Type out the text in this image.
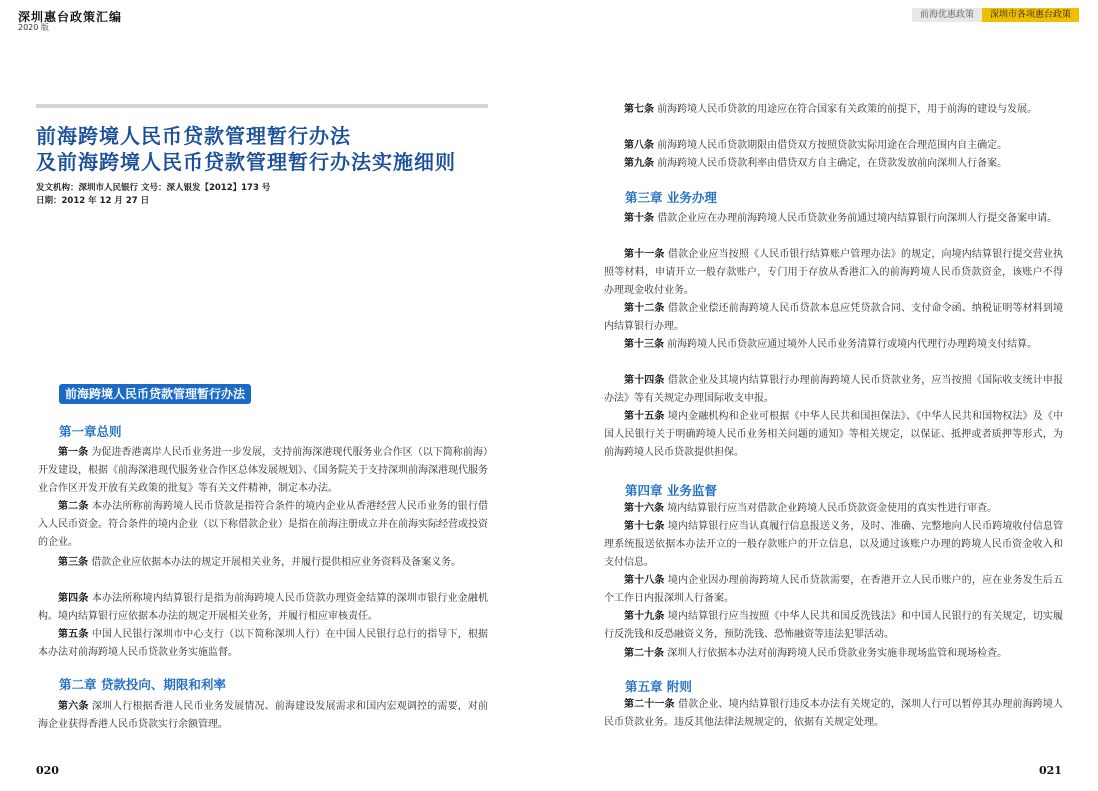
深圳惠台政策汇编
2020 版
前海优惠政策	深圳市各项惠台政策
前海跨境人民币贷款管理暂行办法
及前海跨境人民币贷款管理暂行办法实施细则
发文机构：深圳市人民银行 文号：深人银发【2012】173 号
日期：2012 年 12 月 27 日
前海跨境人民币贷款管理暂行办法
第一章总则
第一条 为促进香港离岸人民币业务进一步发展，支持前海深港现代服务业合作区（以下简称前海）开发建设，根据《前海深港现代服务业合作区总体发展规划》、《国务院关于支持深圳前海深港现代服务业合作区开发开放有关政策的批复》等有关文件精神，制定本办法。
第二条 本办法所称前海跨境人民币贷款是指符合条件的境内企业从香港经营人民币业务的银行借入人民币资金。符合条件的境内企业（以下称借款企业）是指在前海注册成立并在前海实际经营或投资的企业。
第三条 借款企业应依据本办法的规定开展相关业务，并履行提供相应业务资料及备案义务。
第四条 本办法所称境内结算银行是指为前海跨境人民币贷款办理资金结算的深圳市银行业金融机构。境内结算银行应依据本办法的规定开展相关业务，并履行相应审核责任。
第五条 中国人民银行深圳市中心支行（以下简称深圳人行）在中国人民银行总行的指导下，根据本办法对前海跨境人民币贷款业务实施监督。
第二章 贷款投向、期限和利率
第六条 深圳人行根据香港人民币业务发展情况、前海建设发展需求和国内宏观调控的需要，对前海企业获得香港人民币贷款实行余额管理。
第七条 前海跨境人民币贷款的用途应在符合国家有关政策的前提下，用于前海的建设与发展。
第八条 前海跨境人民币贷款期限由借贷双方按照贷款实际用途在合理范围内自主确定。
第九条 前海跨境人民币贷款利率由借贷双方自主确定，在贷款发放前向深圳人行备案。
第三章 业务办理
第十条 借款企业应在办理前海跨境人民币贷款业务前通过境内结算银行向深圳人行提交备案申请。
第十一条 借款企业应当按照《人民币银行结算账户管理办法》的规定，向境内结算银行提交营业执照等材料，申请开立一般存款账户，专门用于存放从香港汇入的前海跨境人民币贷款资金，该账户不得办理现金收付业务。
第十二条 借款企业偿还前海跨境人民币贷款本息应凭贷款合同、支付命令函、纳税证明等材料到境内结算银行办理。
第十三条 前海跨境人民币贷款应通过境外人民币业务清算行或境内代理行办理跨境支付结算。
第十四条 借款企业及其境内结算银行办理前海跨境人民币贷款业务，应当按照《国际收支统计申报办法》等有关规定办理国际收支申报。
第十五条 境内金融机构和企业可根据《中华人民共和国担保法》、《中华人民共和国物权法》及《中国人民银行关于明确跨境人民币业务相关问题的通知》等相关规定，以保证、抵押或者质押等形式，为前海跨境人民币贷款提供担保。
第四章 业务监督
第十六条 境内结算银行应当对借款企业跨境人民币贷款资金使用的真实性进行审查。
第十七条 境内结算银行应当认真履行信息报送义务，及时、准确、完整地向人民币跨境收付信息管理系统报送依据本办法开立的一般存款账户的开立信息，以及通过该账户办理的跨境人民币资金收入和支付信息。
第十八条 境内企业因办理前海跨境人民币贷款需要，在香港开立人民币账户的，应在业务发生后五个工作日内报深圳人行备案。
第十九条 境内结算银行应当按照《中华人民共和国反洗钱法》和中国人民银行的有关规定，切实履行反洗钱和反恐融资义务，预防洗钱、恐怖融资等违法犯罪活动。
第二十条 深圳人行依据本办法对前海跨境人民币贷款业务实施非现场监管和现场检查。
第五章 附则
第二十一条 借款企业、境内结算银行违反本办法有关规定的，深圳人行可以暂停其办理前海跨境人民币贷款业务。违反其他法律法规规定的，依据有关规定处理。
020	021
